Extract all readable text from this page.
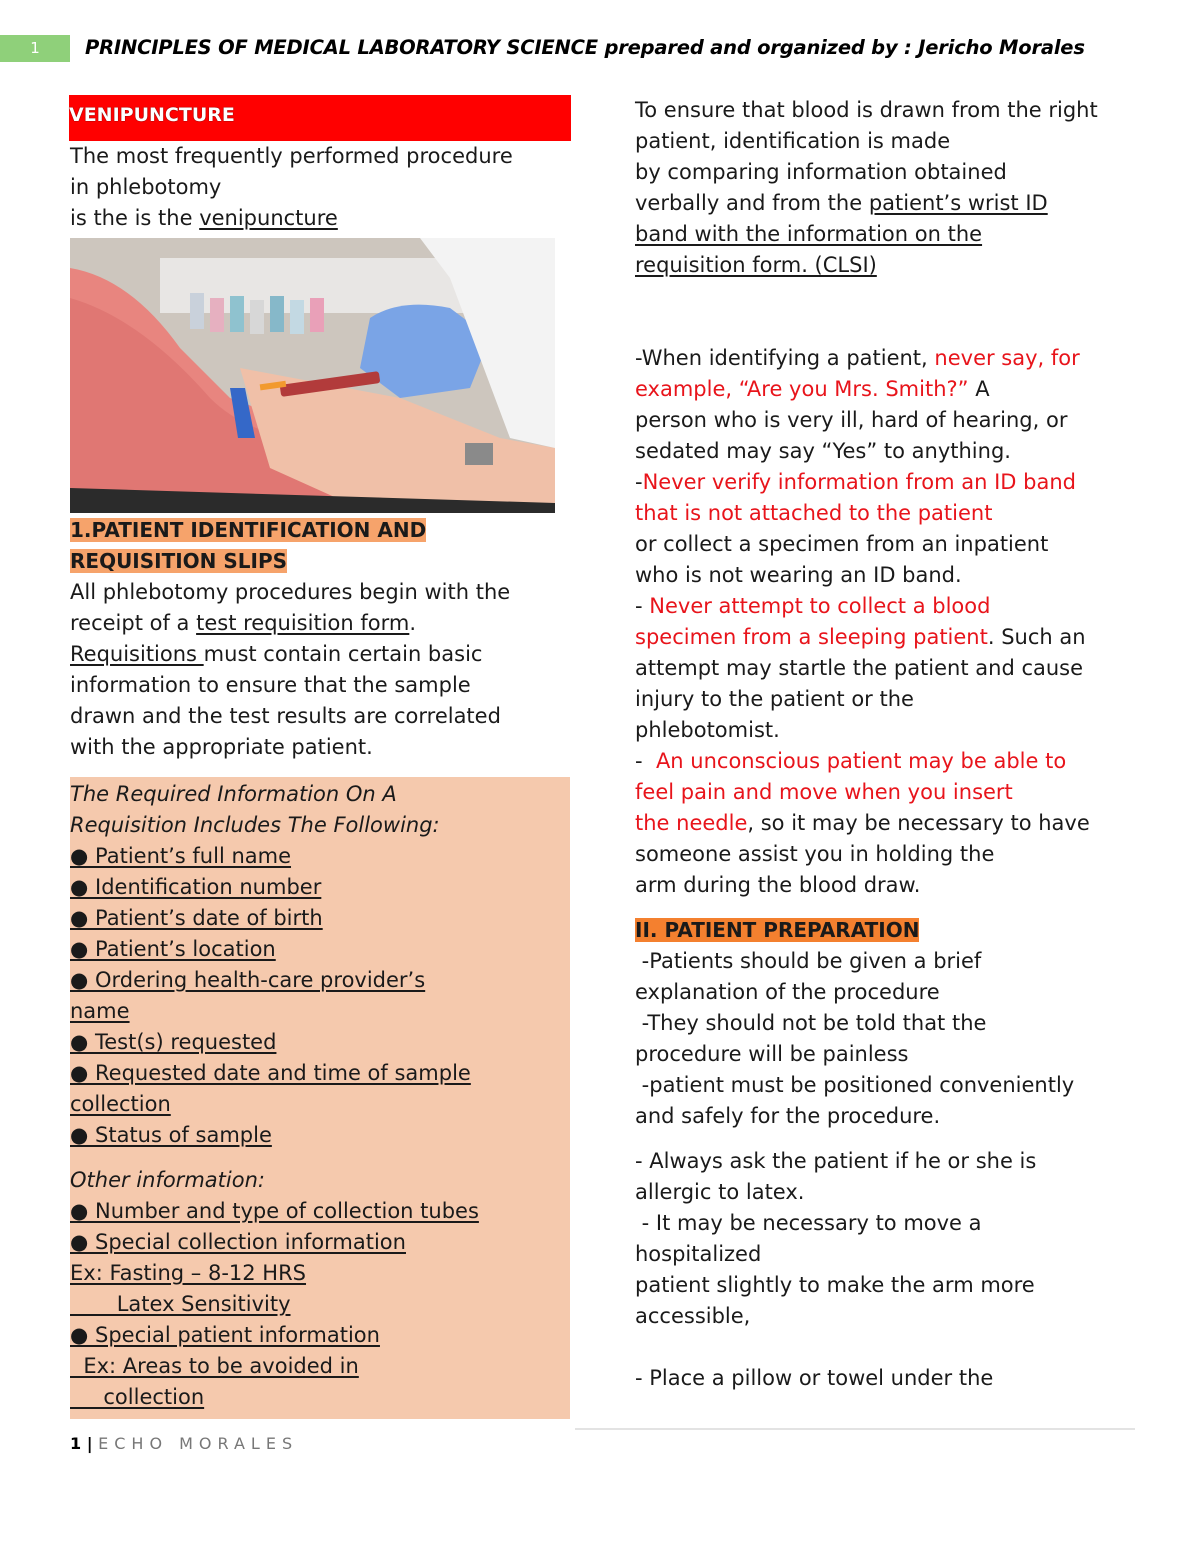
1	PRINCIPLES OF MEDICAL LABORATORY SCIENCE prepared and organized by : Jericho Morales
VENIPUNCTURE

The most frequently performed procedure

in phlebotomy

is the is the venipuncture

1.PATIENT IDENTIFICATION AND

REQUISITION SLIPS

All phlebotomy procedures begin with the

receipt of a test requisition form.

Requisitions must contain certain basic

information to ensure that the sample

drawn and the test results are correlated

with the appropriate patient.

The Required Information On A

Requisition Includes The Following:

● Patient’s full name

● Identification number

● Patient’s date of birth

● Patient’s location

● Ordering health-care provider’s

name

● Test(s) requested

● Requested date and time of sample

collection

● Status of sample

Other information:

● Number and type of collection tubes

● Special collection information

Ex: Fasting – 8-12 HRS

Latex Sensitivity

● Special patient information

Ex: Areas to be avoided in

collection

To ensure that blood is drawn from the right

patient, identification is made

by comparing information obtained

verbally and from the patient’s wrist ID

band with the information on the

requisition form. (CLSI)

-When identifying a patient, never say, for

example, “Are you Mrs. Smith?” A

person who is very ill, hard of hearing, or

sedated may say “Yes” to anything.

-Never verify information from an ID band

that is not attached to the patient

or collect a specimen from an inpatient

who is not wearing an ID band.

- Never attempt to collect a blood

specimen from a sleeping patient. Such an

attempt may startle the patient and cause

injury to the patient or the

phlebotomist.

-  An unconscious patient may be able to

feel pain and move when you insert

the needle, so it may be necessary to have

someone assist you in holding the

arm during the blood draw.

II. PATIENT PREPARATION

-Patients should be given a brief

explanation of the procedure

-They should not be told that the

procedure will be painless

-patient must be positioned conveniently

and safely for the procedure.

- Always ask the patient if he or she is

allergic to latex.

- It may be necessary to move a

hospitalized

patient slightly to make the arm more

accessible,

- Place a pillow or towel under the

1 | ECHO MORALES
